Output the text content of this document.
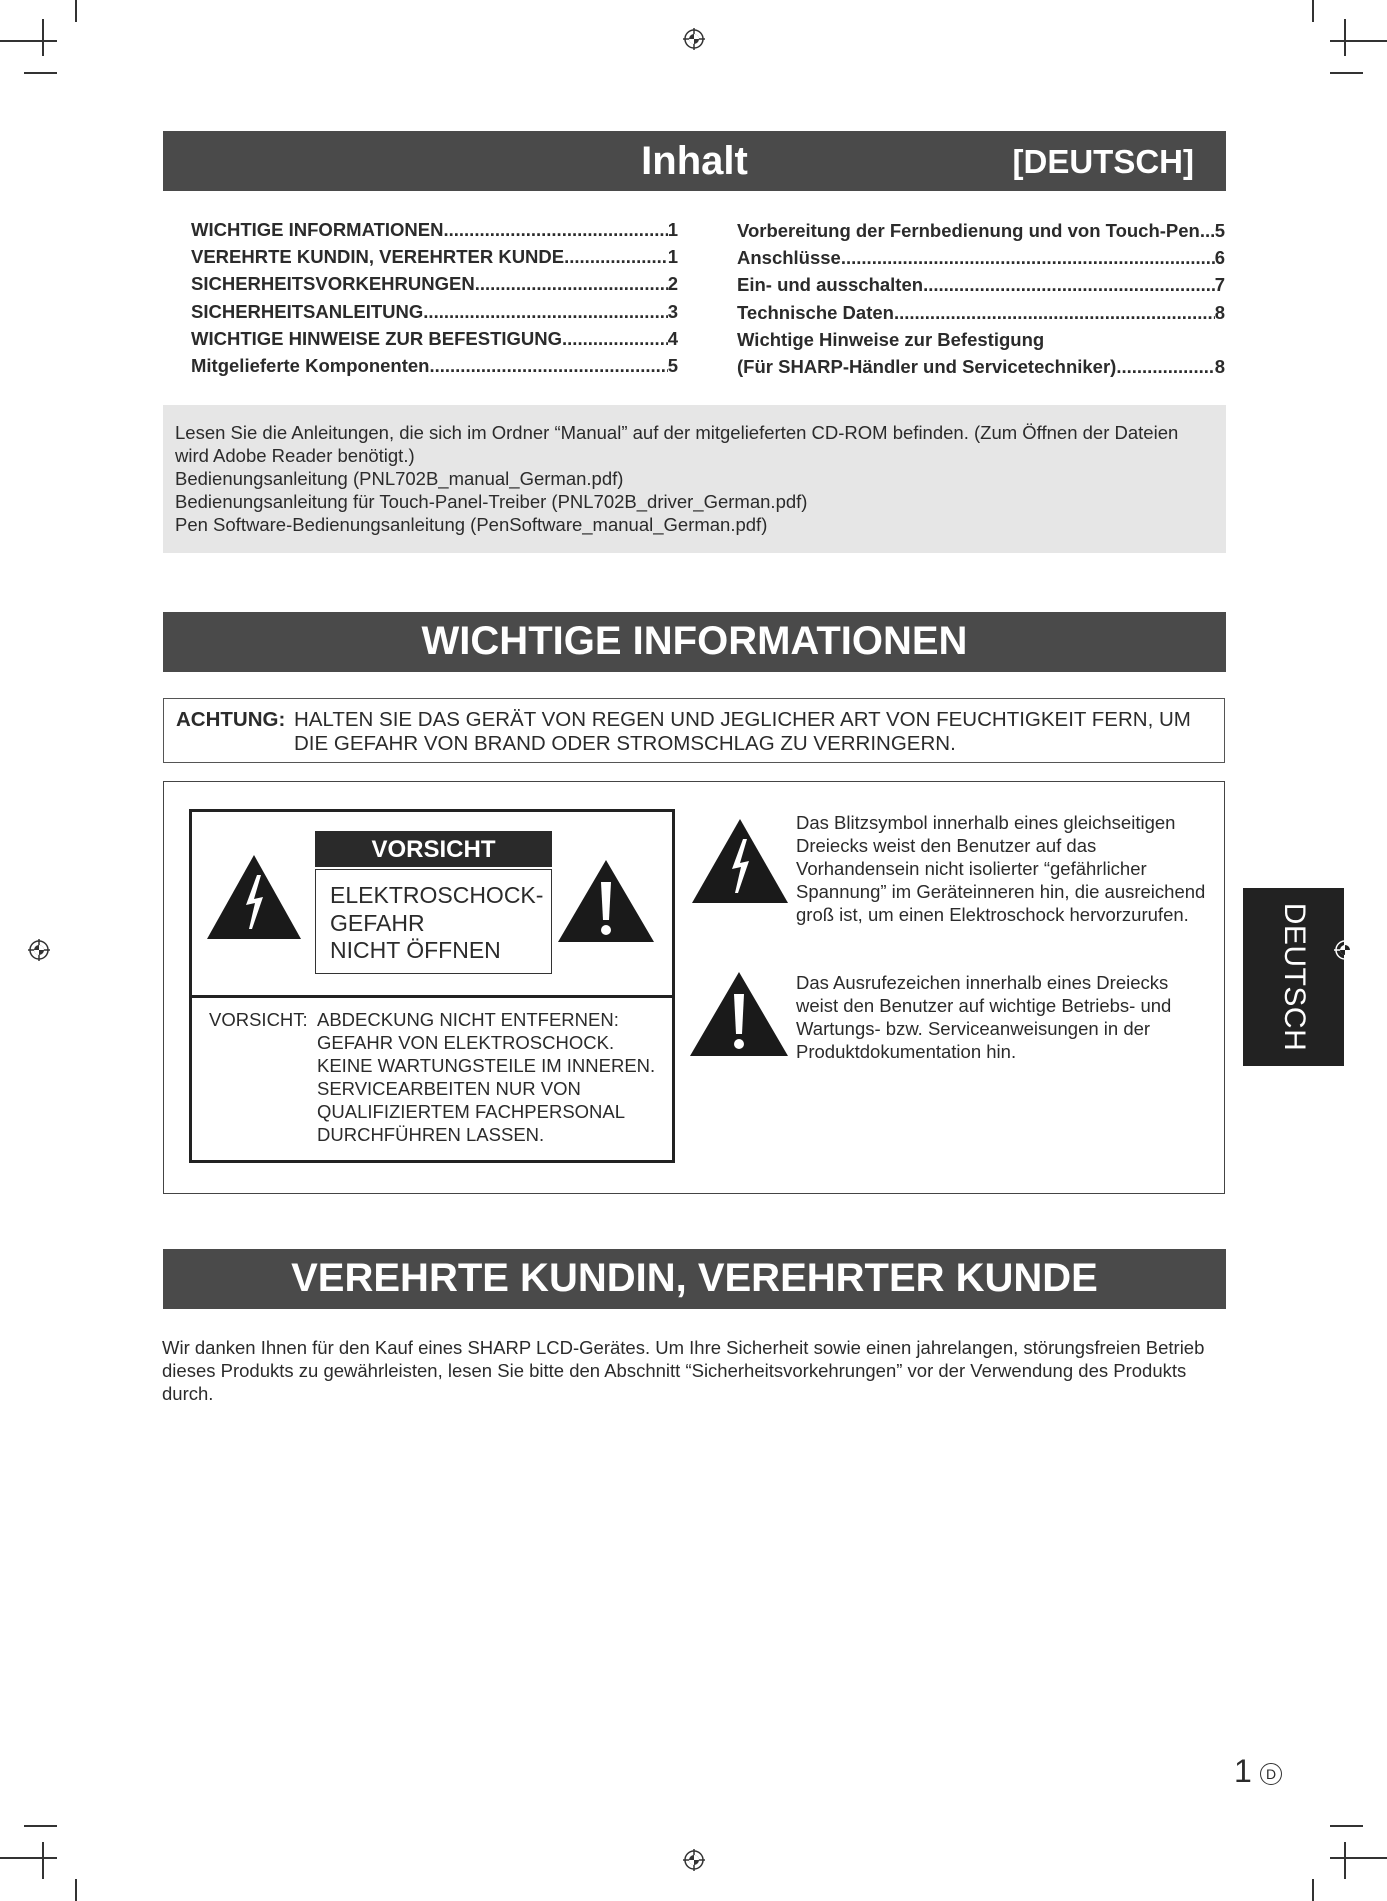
Inhalt	[DEUTSCH]
WICHTIGE INFORMATIONEN .....	1
VEREHRTE KUNDIN, VEREHRTER KUNDE .....	1
SICHERHEITSVORKEHRUNGEN .....	2
SICHERHEITSANLEITUNG .....	3
WICHTIGE HINWEISE ZUR BEFESTIGUNG .....	4
Mitgelieferte Komponenten .....	5
Vorbereitung der Fernbedienung und von Touch-Pen ..... 5
Anschlüsse .....	6
Ein- und ausschalten .....	7
Technische Daten .....	8
Wichtige Hinweise zur Befestigung
(Für SHARP-Händler und Servicetechniker) .....	8
Lesen Sie die Anleitungen, die sich im Ordner “Manual” auf der mitgelieferten CD-ROM befinden. (Zum Öffnen der Dateien
wird Adobe Reader benötigt.)
Bedienungsanleitung (PNL702B_manual_German.pdf)
Bedienungsanleitung für Touch-Panel-Treiber (PNL702B_driver_German.pdf)
Pen Software-Bedienungsanleitung (PenSoftware_manual_German.pdf)
WICHTIGE INFORMATIONEN
ACHTUNG: HALTEN SIE DAS GERÄT VON REGEN UND JEGLICHER ART VON FEUCHTIGKEIT FERN, UM
DIE GEFAHR VON BRAND ODER STROMSCHLAG ZU VERRINGERN.
VORSICHT
ELEKTROSCHOCK-
GEFAHR
NICHT ÖFFNEN
VORSICHT: ABDECKUNG NICHT ENTFERNEN:
GEFAHR VON ELEKTROSCHOCK.
KEINE WARTUNGSTEILE IM INNEREN.
SERVICEARBEITEN NUR VON
QUALIFIZIERTEM FACHPERSONAL
DURCHFÜHREN LASSEN.
Das Blitzsymbol innerhalb eines gleichseitigen
Dreiecks weist den Benutzer auf das
Vorhandensein nicht isolierter “gefährlicher
Spannung” im Geräteinneren hin, die ausreichend
groß ist, um einen Elektroschock hervorzurufen.
Das Ausrufezeichen innerhalb eines Dreiecks
weist den Benutzer auf wichtige Betriebs- und
Wartungs- bzw. Serviceanweisungen in der
Produktdokumentation hin.
DEUTSCH
VEREHRTE KUNDIN, VEREHRTER KUNDE
Wir danken Ihnen für den Kauf eines SHARP LCD-Gerätes. Um Ihre Sicherheit sowie einen jahrelangen, störungsfreien Betrieb
dieses Produkts zu gewährleisten, lesen Sie bitte den Abschnitt “Sicherheitsvorkehrungen” vor der Verwendung des Produkts
durch.
1	D
